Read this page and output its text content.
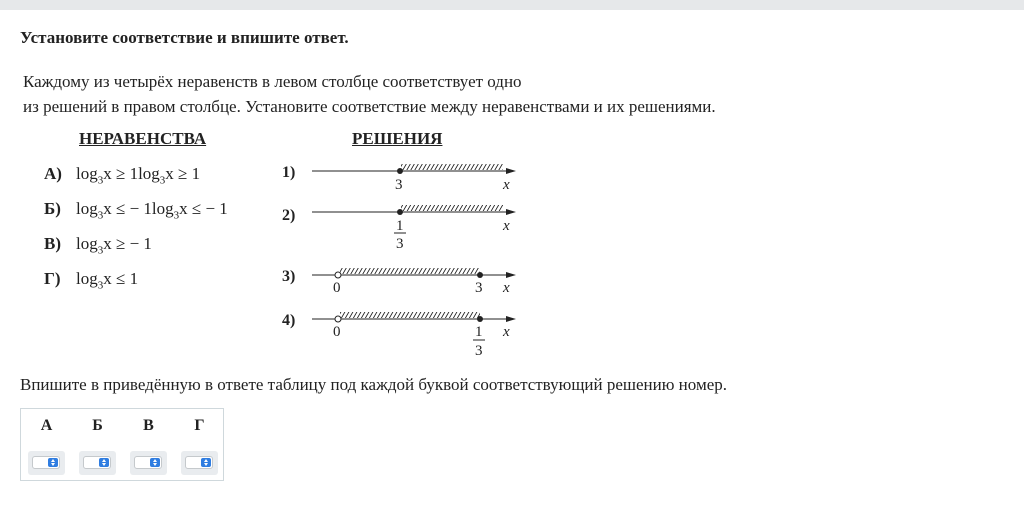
Установите соответствие и впишите ответ.
Каждому из четырёх неравенств в левом столбце соответствует одно
из решений в правом столбце. Установите соответствие между неравенствами и их решениями.
НЕРАВЕНСТВА	РЕШЕНИЯ
А) $\log_3x \ge 1\log_3x \ge 1$
Б) $\log_3x$ ≤ − $1\log_3x$ ≤ − 1
В) $\log_3x$ ≥ − 1
Г) $\log_3x \le 1$
1)
2)
3)
4)
3	x
1
3
x
0	3 x
0	1
3
x
Впишите в приведённую в ответе таблицу под каждой буквой соответствующий решению номер.
А	Б	В	Г
